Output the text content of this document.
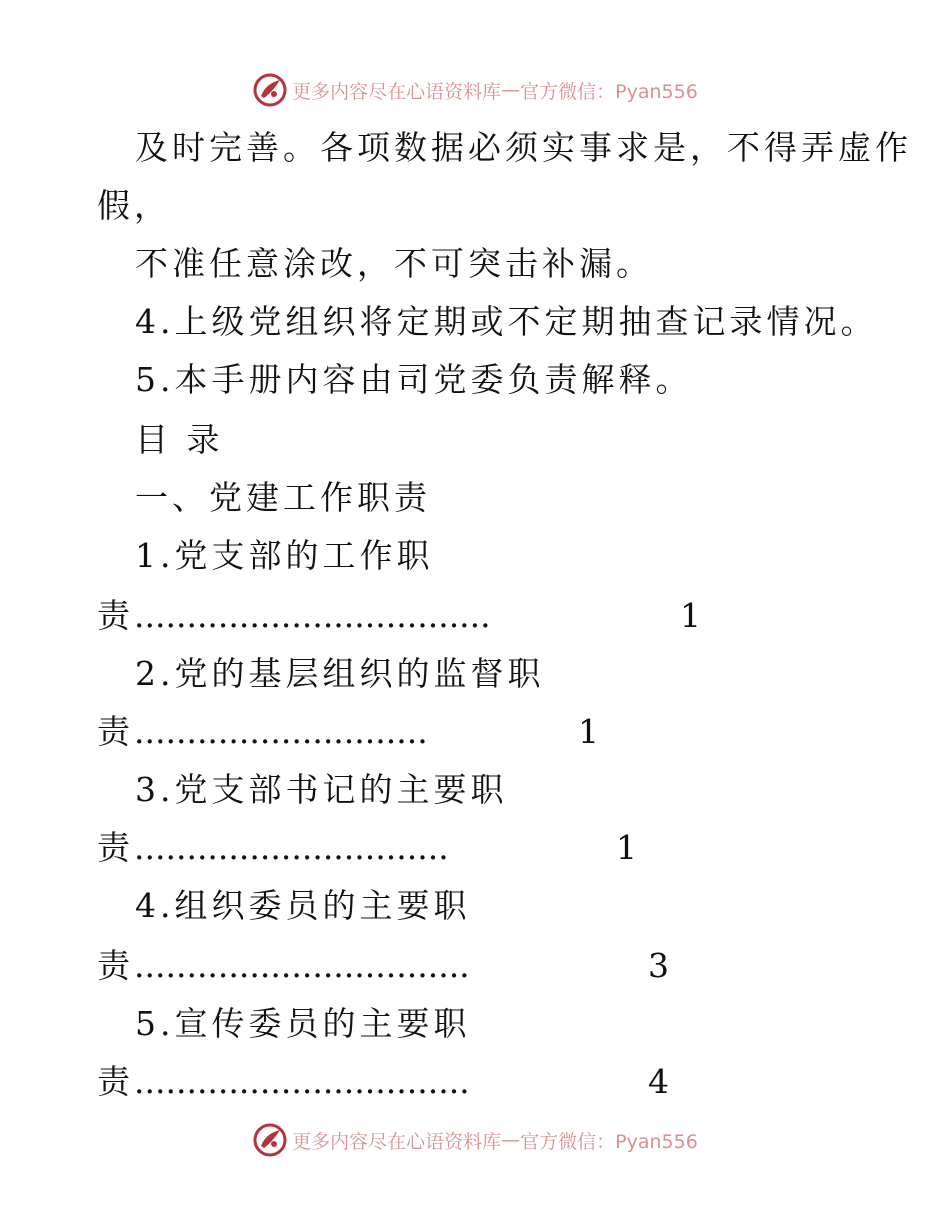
更多内容尽在心语资料库 — 官方微信：Pyan556

及时完善。各项数据必须实事求是，不得弄虚作

假，

不准任意涂改，不可突击补漏。

4.上级党组织将定期或不定期抽查记录情况。

5.本手册内容由司党委负责解释。

目 录

一、党建工作职责

1.党支部的工作职

责 ..................................	1

2.党的基层组织的监督职

责 ............................	1

3.党支部书记的主要职

责 ..............................	1

4.组织委员的主要职

责 ................................	3

5.宣传委员的主要职

责 ................................	4
更多内容尽在心语资料库 — 官方微信：Pyan556
